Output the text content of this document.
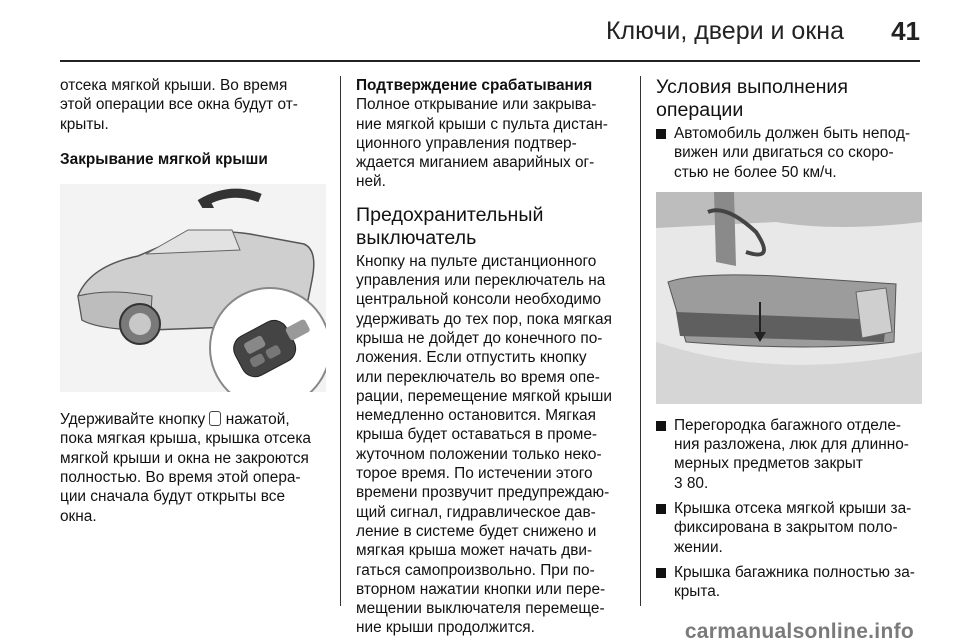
Ключи, двери и окна 41

отсека мягкой крыши. Во время
этой операции все окна будут от-
крыты.

Закрывание мягкой крыши

Удерживайте кнопку  нажатой,
пока мягкая крыша, крышка отсека
мягкой крыши и окна не закроются
полностью. Во время этой опера-
ции сначала будут открыты все
окна.

Подтверждение срабатывания

Полное открывание или закрыва-
ние мягкой крыши с пульта дистан-
ционного управления подтвер-
ждается миганием аварийных ог-
ней.

Предохранительный
выключатель

Кнопку на пульте дистанционного
управления или переключатель на
центральной консоли необходимо
удерживать до тех пор, пока мягкая
крыша не дойдет до конечного по-
ложения. Если отпустить кнопку
или переключатель во время опе-
рации, перемещение мягкой крыши
немедленно остановится. Мягкая
крыша будет оставаться в проме-
жуточном положении только неко-
торое время. По истечении этого
времени прозвучит предупреждаю-
щий сигнал, гидравлическое дав-
ление в системе будет снижено и
мягкая крыша может начать дви-
гаться самопроизвольно. При по-
вторном нажатии кнопки или пере-
мещении выключателя перемеще-
ние крыши продолжится.

Условия выполнения
операции

Автомобиль должен быть непод-
вижен или двигаться со скоро-
стью не более 50 км/ч.
Перегородка багажного отделе-
ния разложена, люк для длинно-
мерных предметов закрыт
3 80.
Крышка отсека мягкой крыши за-
фиксирована в закрытом поло-
жении.
Крышка багажника полностью за-
крыта.
carmanualsonline.info
